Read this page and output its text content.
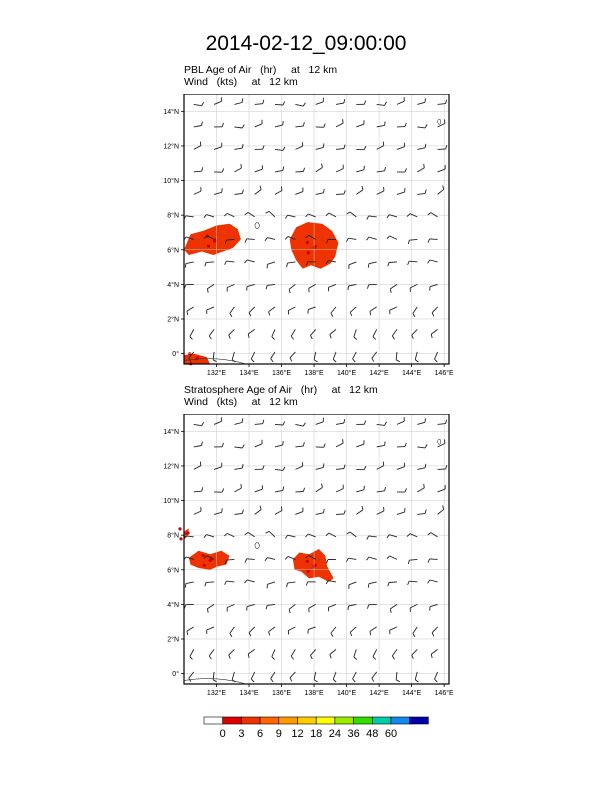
2014-02-12_09:00:00
PBL Age of Air   (hr)     at   12 km
Wind   (kts)     at   12 km
Stratosphere Age of Air   (hr)     at   12 km
Wind   (kts)     at   12 km
132°E 134°E 136°E 138°E 140°E 142°E 144°E 146°E
0°
2°N
4°N
6°N
8°N
10°N
12°N
14°N
132°E 134°E 136°E 138°E 140°E 142°E 144°E 146°E
0°
2°N
4°N
6°N
8°N
10°N
12°N
14°N
0	3	6	9 12 18 24 36 48 60
